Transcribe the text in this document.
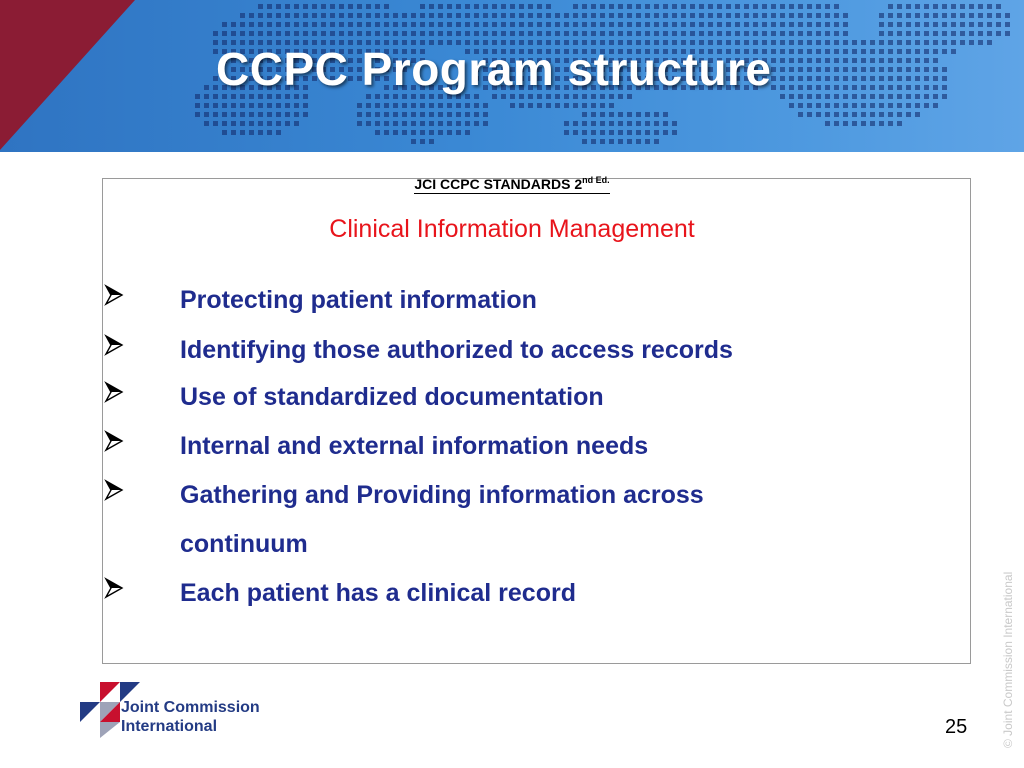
CCPC Program structure
JCI CCPC STANDARDS $2^{nd Ed.}$
Clinical Information Management
Protecting patient information
Identifying those authorized to access records
Use of standardized documentation
Internal and external information needs
Gathering and Providing information across
continuum
Each patient has a clinical record
Joint Commission
International	25	© Joint Commission International
